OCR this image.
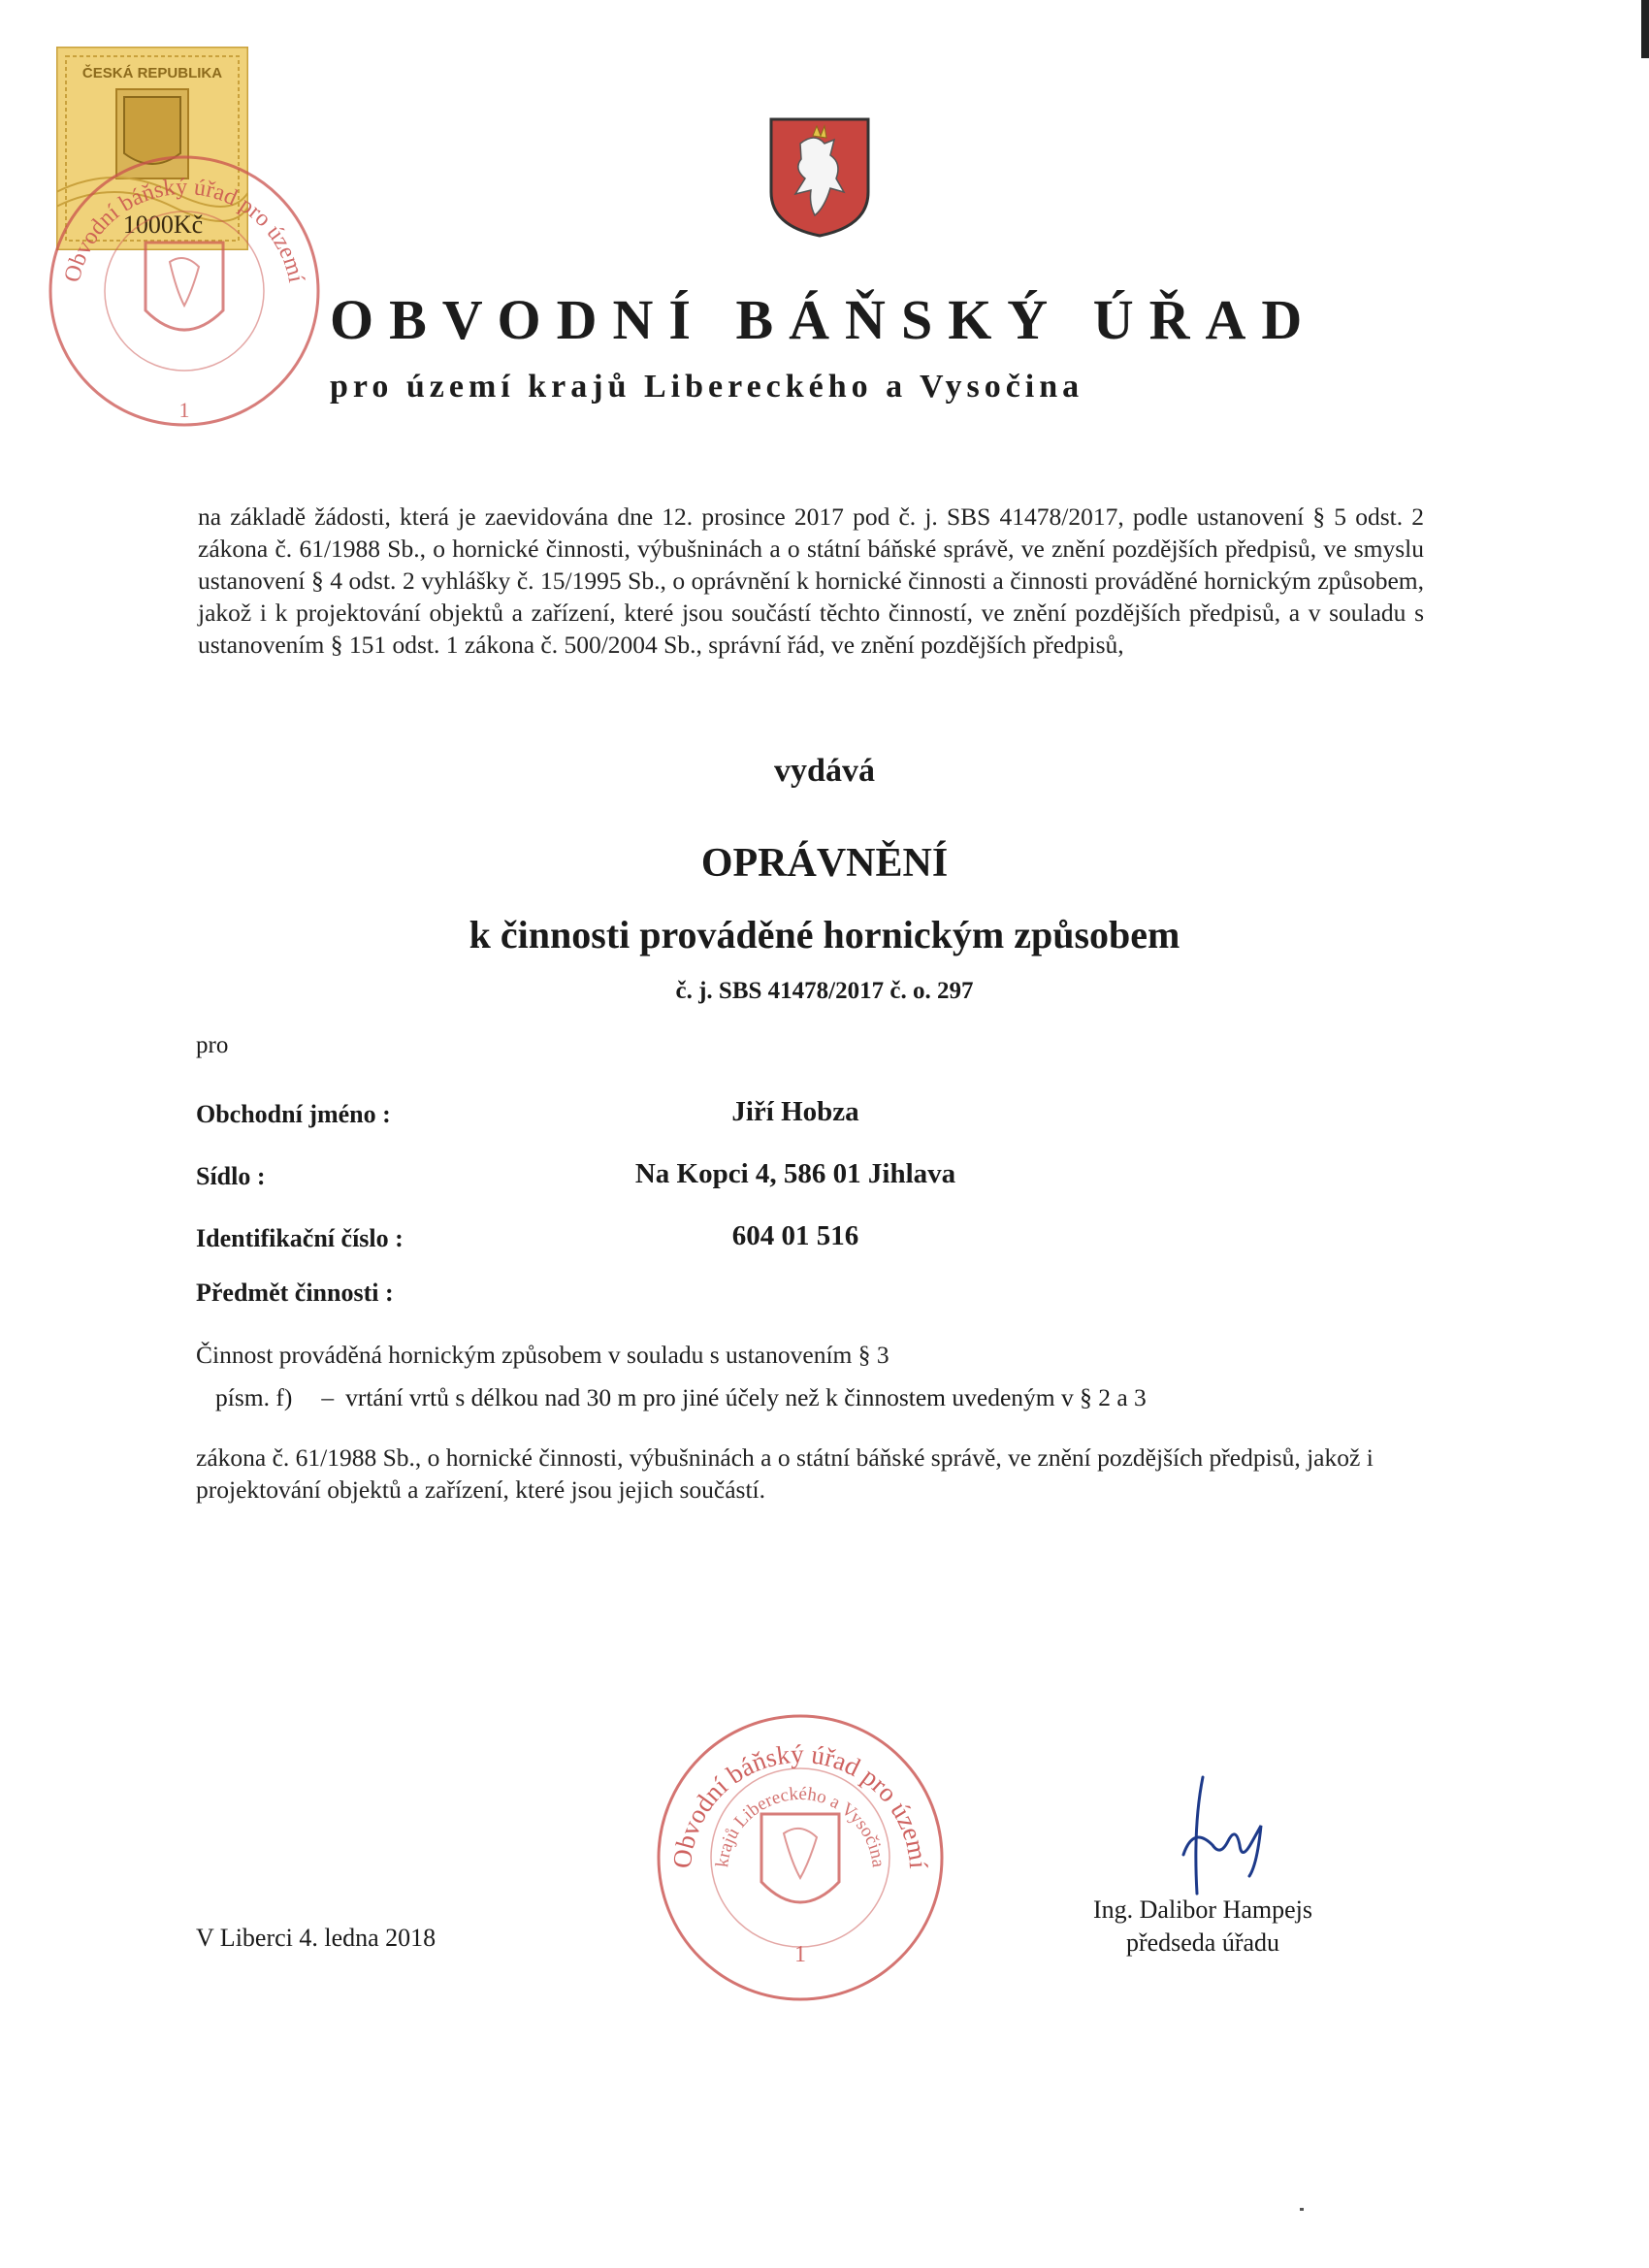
ČESKÁ REPUBLIKA
1000Kč
Obvodní báňský úřad pro území
1
OBVODNÍ BÁŇSKÝ ÚŘAD
pro území krajů Libereckého a Vysočina
na základě žádosti, která je zaevidována dne 12. prosince 2017 pod č. j. SBS 41478/2017, podle ustanovení § 5 odst. 2 zákona č. 61/1988 Sb., o hornické činnosti, výbušninách a o státní báňské správě, ve znění pozdějších předpisů, ve smyslu ustanovení § 4 odst. 2 vyhlášky č. 15/1995 Sb., o oprávnění k hornické činnosti a činnosti prováděné hornickým způsobem, jakož i k projektování objektů a zařízení, které jsou součástí těchto činností, ve znění pozdějších předpisů, a v souladu s ustanovením § 151 odst. 1 zákona č. 500/2004 Sb., správní řád, ve znění pozdějších předpisů,
vydává
OPRÁVNĚNÍ
k činnosti prováděné hornickým způsobem
č. j. SBS 41478/2017 č. o. 297
pro
Obchodní jméno :	Jiří Hobza
Sídlo :	Na Kopci 4, 586 01 Jihlava
Identifikační číslo :	604 01 516
Předmět činnosti :
Činnost prováděná hornickým způsobem v souladu s ustanovením § 3
písm. f) – vrtání vrtů s délkou nad 30 m pro jiné účely než k činnostem uvedeným v § 2 a 3
zákona č. 61/1988 Sb., o hornické činnosti, výbušninách a o státní báňské správě, ve znění pozdějších předpisů, jakož i projektování objektů a zařízení, které jsou jejich součástí.
Obvodní báňský úřad pro území
krajů Libereckého a Vysočina
1
V Liberci 4. ledna 2018
Ing. Dalibor Hampejs
předseda úřadu
